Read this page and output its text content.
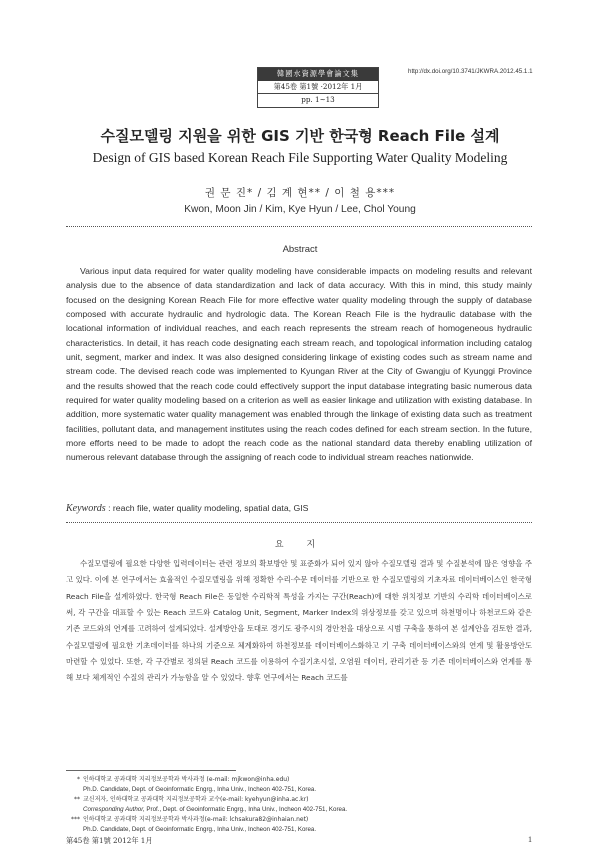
韓國水資源學會論文集
第45卷 第1號 ·2012年 1月
pp. 1~13
http://dx.doi.org/10.3741/JKWRA.2012.45.1.1
수질모델링 지원을 위한 GIS 기반 한국형 Reach File 설계
Design of GIS based Korean Reach File Supporting Water Quality Modeling
권 문 진* / 김 계 현** / 이 철 용***
Kwon, Moon Jin / Kim, Kye Hyun / Lee, Chol Young
Abstract

Various input data required for water quality modeling have considerable impacts on modeling results and relevant analysis due to the absence of data standardization and lack of data accuracy. With this in mind, this study mainly focused on the designing Korean Reach File for more effective water quality modeling through the supply of database composed with accurate hydraulic and hydrologic data. The Korean Reach File is the hydraulic database with the locational information of individual reaches, and each reach represents the stream reach of homogeneous hydraulic characteristics. In detail, it has reach code designating each stream reach, and topological information including catalog unit, segment, marker and index. It was also designed considering linkage of existing codes such as stream name and stream code. The devised reach code was implemented to Kyungan River at the City of Gwangju of Kyunggi Province and the results showed that the reach code could effectively support the input database integrating basic numerous data required for water quality modeling based on a criterion as well as easier linkage and utilization with existing database. In addition, more systematic water quality management was enabled through the linkage of existing data such as treatment facilities, pollutant data, and management institutes using the reach codes defined for each stream section. In the future, more efforts need to be made to adopt the reach code as the national standard data thereby enabling utilization of numerous relevant database through the assigning of reach code to individual stream reaches nationwide.

Keywords : reach file, water quality modeling, spatial data, GIS
요 지

수질모델링에 필요한 다양한 입력데이터는 관련 정보의 확보방안 및 표준화가 되어 있지 않아 수질모델링 결과 및 수질분석에 많은 영향을 주고 있다. 이에 본 연구에서는 효율적인 수질모델링을 위해 정확한 수리·수문 데이터를 기반으로 한 수질모델링의 기초자료 데이터베이스인 한국형 Reach File을 설계하였다. 한국형 Reach File은 동일한 수리학적 특성을 가지는 구간(Reach)에 대한 위치정보 기반의 수리학 데이터베이스로써, 각 구간을 대표할 수 있는 Reach 코드와 Catalog Unit, Segment, Marker Index의 위상정보를 갖고 있으며 하천명이나 하천코드와 같은 기존 코드와의 연계를 고려하여 설계되었다. 설계방안을 토대로 경기도 광주시의 경안천을 대상으로 시범 구축을 통하여 본 설계안을 검토한 결과, 수질모델링에 필요한 기초데이터를 하나의 기준으로 체계화하여 하천정보를 데이터베이스화하고 기 구축 데이터베이스와의 연계 및 활용방안도 마련할 수 있었다. 또한, 각 구간별로 정의된 Reach 코드를 이용하여 수질기초시설, 오염원 데이터, 관리기관 등 기존 데이터베이스와 연계를 통해 보다 체계적인 수질의 관리가 가능함을 알 수 있었다. 향후 연구에서는 Reach 코드를

* 인하대학교 공과대학 지리정보공학과 박사과정 (e-mail: mjkwon@inha.edu)
Ph.D. Candidate, Dept. of Geoinformatic Engrg., Inha Univ., Incheon 402-751, Korea.
** 교신저자, 인하대학교 공과대학 지리정보공학과 교수(e-mail: kyehyun@inha.ac.kr)
Corresponding Author, Prof., Dept. of Geoinformatic Engrg., Inha Univ., Incheon 402-751, Korea.
第45卷 第1號 2012年 1月	1
*** 인하대학교 공과대학 지리정보공학과 박사과정(e-mail: lchsakura82@inhaian.net)
Ph.D. Candidate, Dept. of Geoinformatic Engrg., Inha Univ., Incheon 402-751, Korea.
